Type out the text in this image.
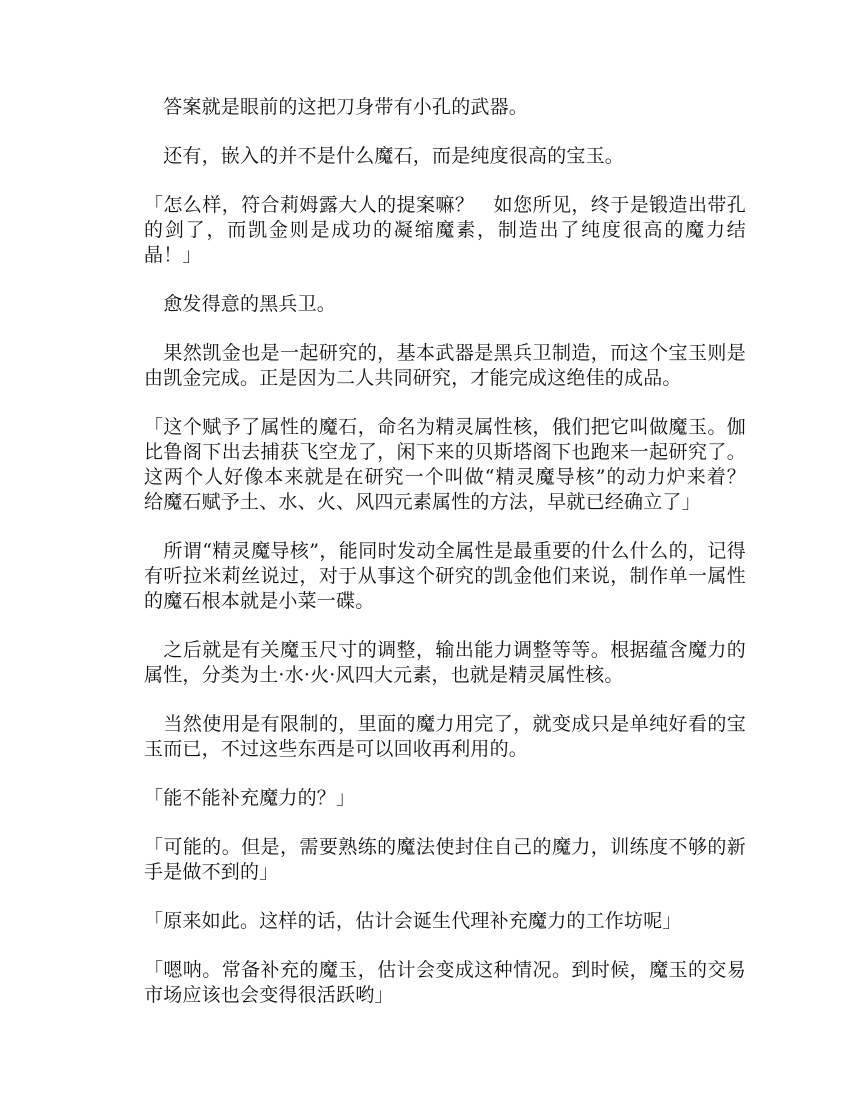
　答案就是眼前的这把刀身带有小孔的武器。

　还有，嵌入的并不是什么魔石，而是纯度很高的宝玉。

「怎么样，符合莉姆露大人的提案嘛？　如您所见，终于是锻造出带孔的剑了，而凯金则是成功的凝缩魔素，制造出了纯度很高的魔力结晶！」

　愈发得意的黑兵卫。

　果然凯金也是一起研究的，基本武器是黑兵卫制造，而这个宝玉则是由凯金完成。正是因为二人共同研究，才能完成这绝佳的成品。

「这个赋予了属性的魔石，命名为精灵属性核，俄们把它叫做魔玉。伽比鲁阁下出去捕获飞空龙了，闲下来的贝斯塔阁下也跑来一起研究了。这两个人好像本来就是在研究一个叫做“精灵魔导核”的动力炉来着？　给魔石赋予土、水、火、风四元素属性的方法，早就已经确立了」

　所谓“精灵魔导核”，能同时发动全属性是最重要的什么什么的，记得有听拉米莉丝说过，对于从事这个研究的凯金他们来说，制作单一属性的魔石根本就是小菜一碟。

　之后就是有关魔玉尺寸的调整，输出能力调整等等。根据蕴含魔力的属性，分类为土·水·火·风四大元素，也就是精灵属性核。

　当然使用是有限制的，里面的魔力用完了，就变成只是单纯好看的宝玉而已，不过这些东西是可以回收再利用的。

「能不能补充魔力的？」

「可能的。但是，需要熟练的魔法使封住自己的魔力，训练度不够的新手是做不到的」

「原来如此。这样的话，估计会诞生代理补充魔力的工作坊呢」

「嗯呐。常备补充的魔玉，估计会变成这种情况。到时候，魔玉的交易市场应该也会变得很活跃哟」
